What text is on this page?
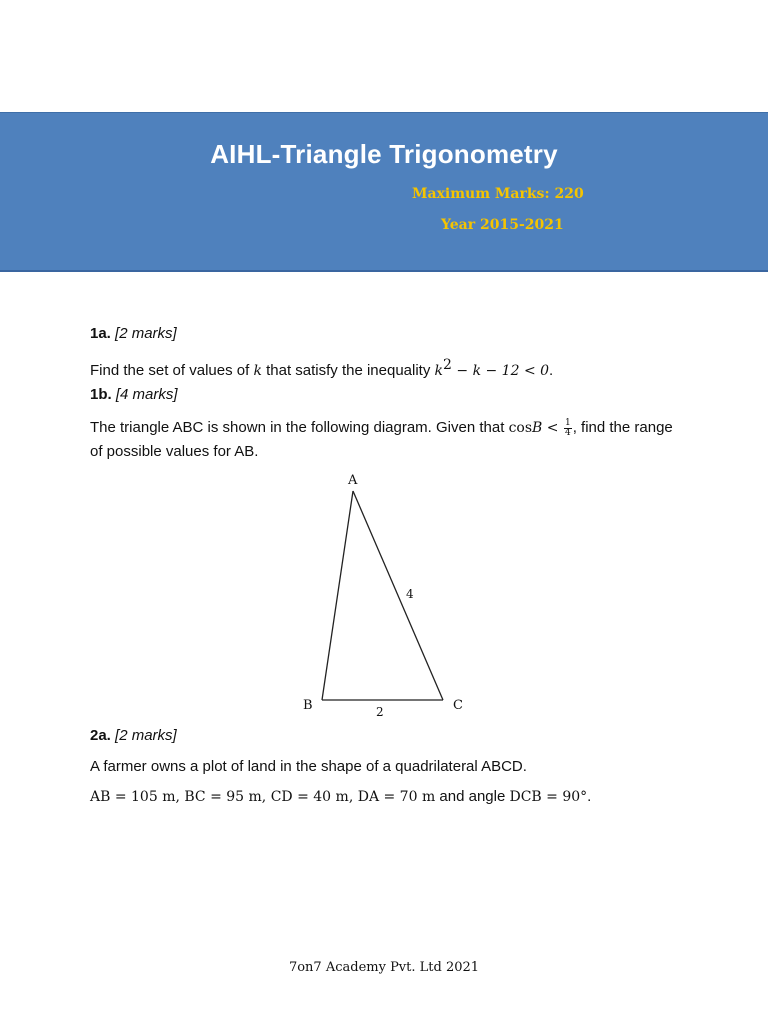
AIHL-Triangle Trigonometry
Maximum Marks: 220
Year 2015-2021
1a. [2 marks]
Find the set of values of k that satisfy the inequality $k^2 - k - 12 < 0$.
1b. [4 marks]
The triangle ABC is shown in the following diagram. Given that $\cos B < \frac{1}{4}$ , find the range
of possible values for AB.
A
B	C
4
2
2a. [2 marks]
A farmer owns a plot of land in the shape of a quadrilateral ABCD.
AB = 105 m, BC = 95 m, CD = 40 m, DA = 70 m and angle DCB = 90°.
7on7 Academy Pvt. Ltd 2021
